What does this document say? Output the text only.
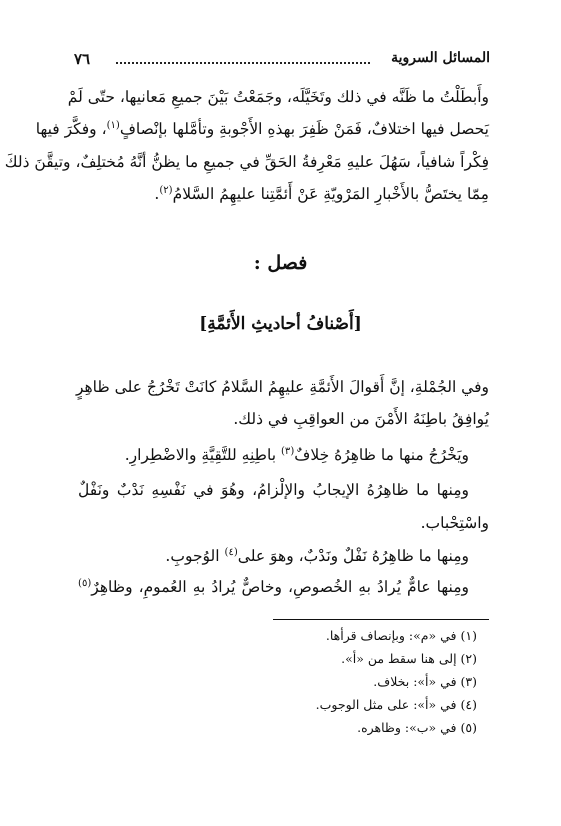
٧٦	المسائل السروية
وأَبطَلْتُ ما ظَنَّه في ذلك وتَخَيَّلَه، وجَمَعْتُ بَيْنَ جميعِ مَعانيها، حتّى لَمْ
يَحصل فيها اختلافٌ، فَمَنْ ظَفِرَ بهذهِ الأَجْوبةِ وتأمَّلها بإنْصافٍ$^{(١)}$، وفكَّرَ فيها
فِكْراً شافياً، سَهُلَ عليهِ مَعْرِفةُ الحَقِّ في جميعِ ما يظنُّ أنَّهُ مُختلِفٌ، وتيقَّنَ ذلكَ
مِمّا يختَصُّ بالأَخْبارِ المَرْويّةِ عَنْ أَئمَّتِنا عليهِمُ السَّلامُ$^{(٢)}$.
فصل :
[أَصْنافُ أحاديثِ الأَئمَّةِ]
وفي الجُمْلةِ، إنَّ أَقوالَ الأَئمَّةِ عليهِمُ السَّلامُ كانَتْ تَخْرُجُ على ظاهِرٍ
يُوافِقُ باطِنَهُ الأَمْنَ من العواقِبِ في ذلك.
ويَخْرُجُ منها ما ظاهِرُهُ خِلافٌ$^{(٣)}$ باطِنِهِ للتَّقِيَّةِ والاضْطِرارِ.
ومِنها ما ظاهِرُهُ الإيجابُ والإلْزامُ، وهُوَ في نَفْسِهِ نَدْبٌ ونَفْلٌ
واسْتِحْباب.
ومِنها ما ظاهِرُهُ نَفْلٌ ونَدْبٌ، وهوَ على$^{(٤)}$ الوُجوبِ.
ومِنها عامٌّ يُرادُ بهِ الخُصوصِ، وخاصٌّ يُرادُ بهِ العُمومِ، وظاهِرٌ$^{(٥)}$
(١) في «م»: وبإنصاف قرأها.
(٢) إلى هنا سقط من «أ».
(٣) في «أ»: بخلاف.
(٤) في «أ»: على مثل الوجوب.
(٥) في «ب»: وظاهره.
